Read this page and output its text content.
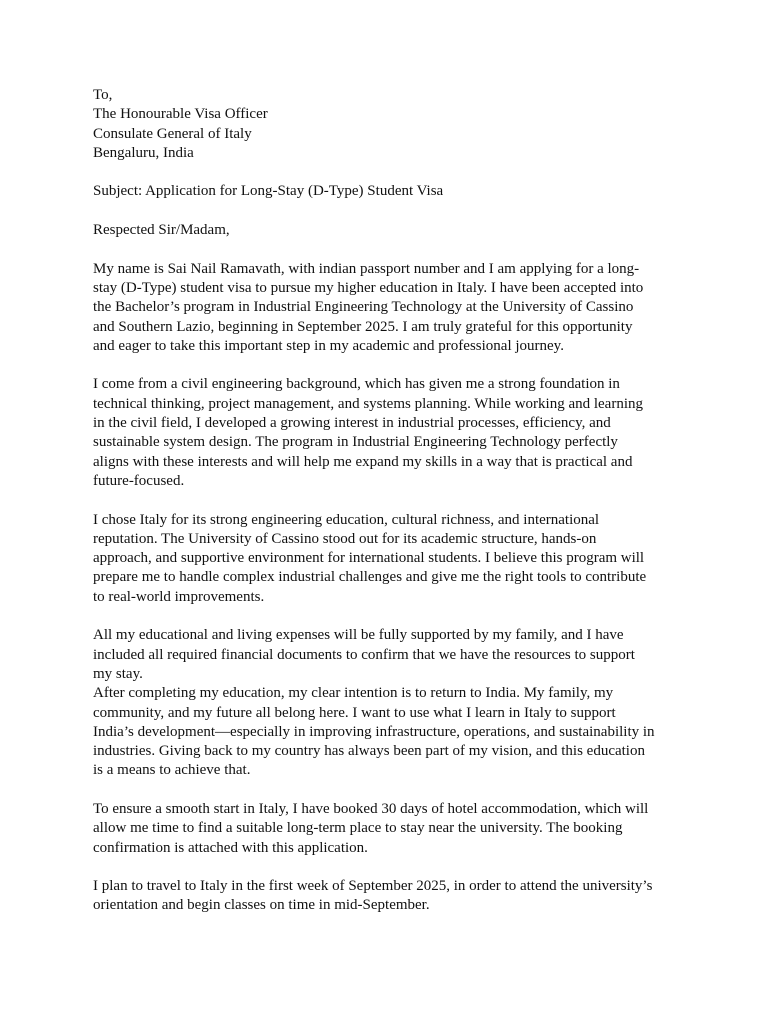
To,
The Honourable Visa Officer
Consulate General of Italy
Bengaluru, India
Subject: Application for Long-Stay (D-Type) Student Visa
Respected Sir/Madam,
My name is Sai Nail Ramavath, with indian passport number and I am applying for a long-
stay (D-Type) student visa to pursue my higher education in Italy. I have been accepted into
the Bachelor’s program in Industrial Engineering Technology at the University of Cassino
and Southern Lazio, beginning in September 2025. I am truly grateful for this opportunity
and eager to take this important step in my academic and professional journey.
I come from a civil engineering background, which has given me a strong foundation in
technical thinking, project management, and systems planning. While working and learning
in the civil field, I developed a growing interest in industrial processes, efficiency, and
sustainable system design. The program in Industrial Engineering Technology perfectly
aligns with these interests and will help me expand my skills in a way that is practical and
future-focused.
I chose Italy for its strong engineering education, cultural richness, and international
reputation. The University of Cassino stood out for its academic structure, hands-on
approach, and supportive environment for international students. I believe this program will
prepare me to handle complex industrial challenges and give me the right tools to contribute
to real-world improvements.
All my educational and living expenses will be fully supported by my family, and I have
included all required financial documents to confirm that we have the resources to support
my stay.
After completing my education, my clear intention is to return to India. My family, my
community, and my future all belong here. I want to use what I learn in Italy to support
India’s development—especially in improving infrastructure, operations, and sustainability in
industries. Giving back to my country has always been part of my vision, and this education
is a means to achieve that.
To ensure a smooth start in Italy, I have booked 30 days of hotel accommodation, which will
allow me time to find a suitable long-term place to stay near the university. The booking
confirmation is attached with this application.
I plan to travel to Italy in the first week of September 2025, in order to attend the university’s
orientation and begin classes on time in mid-September.
